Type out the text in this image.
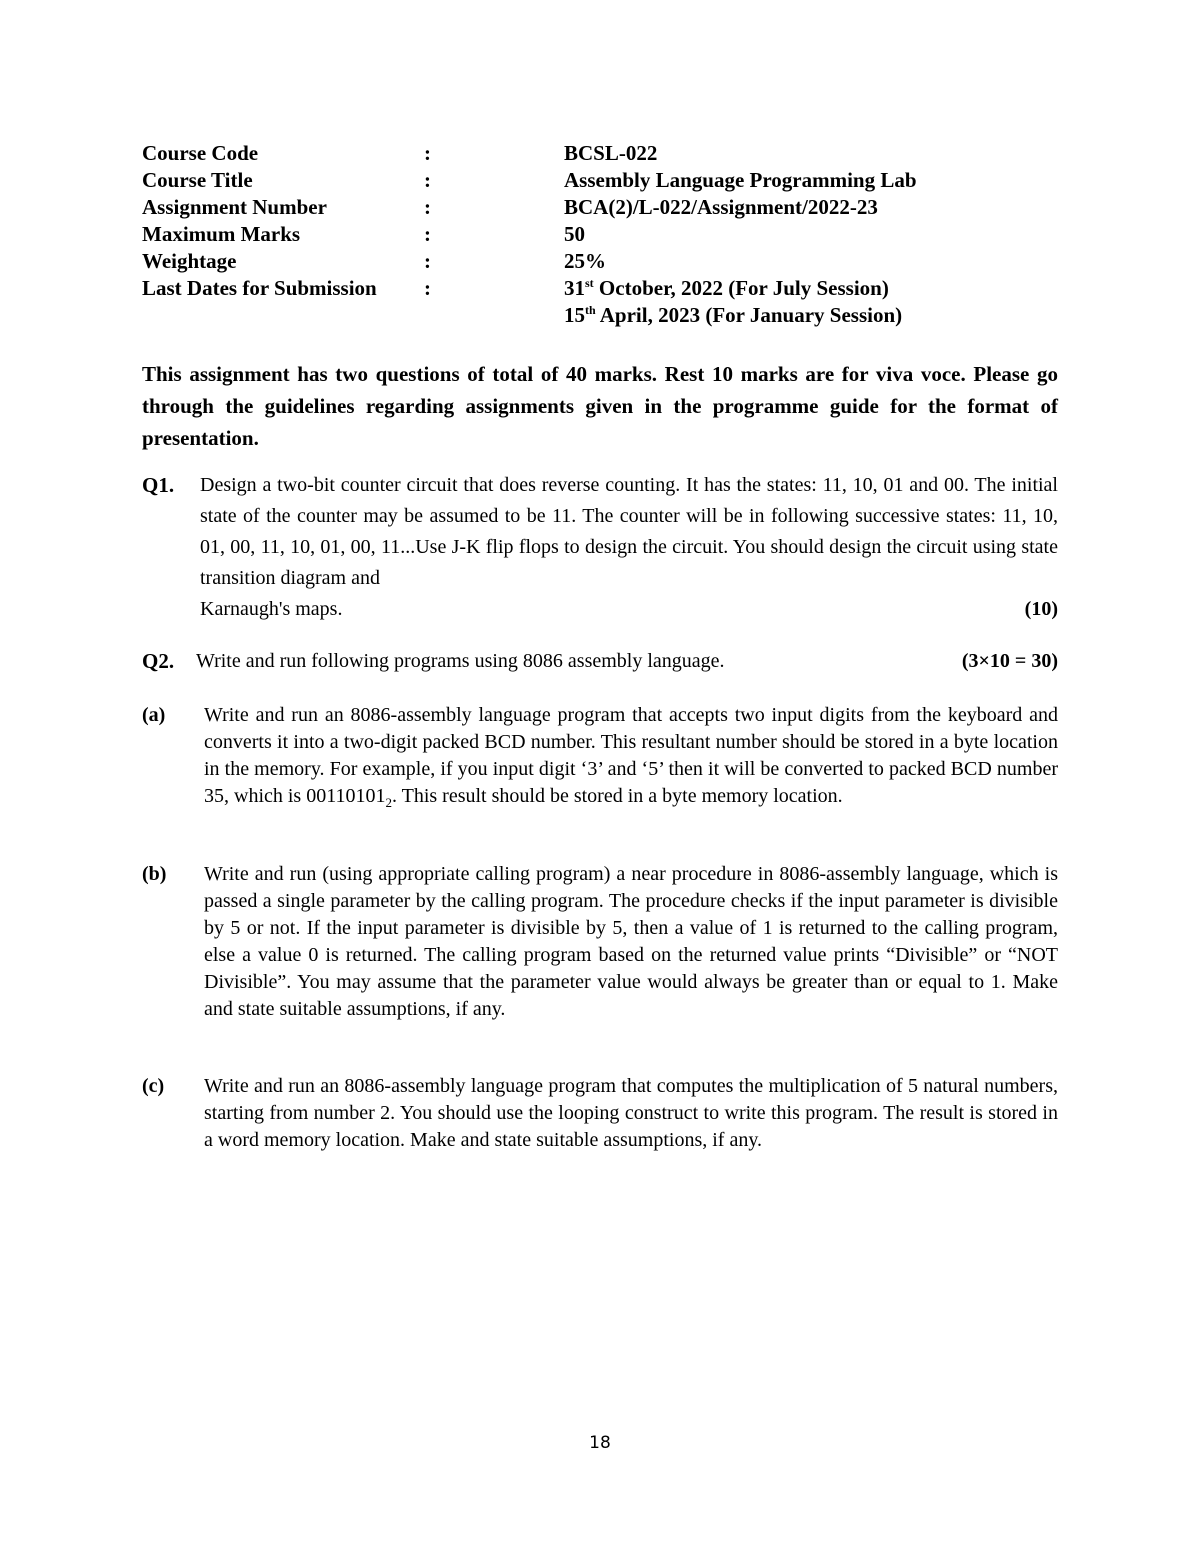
Course Code	:	BCSL-022
Course Title	:	Assembly Language Programming Lab
Assignment Number	:	BCA(2)/L-022/Assignment/2022-23
Maximum Marks	:	50
Weightage	:	25%
Last Dates for Submission :	31st October, 2022 (For July Session)
15th April, 2023 (For January Session)
This assignment has two questions of total of 40 marks. Rest 10 marks are for viva voce. Please go through the guidelines regarding assignments given in the programme guide for the format of presentation.
Q1. Design a two-bit counter circuit that does reverse counting. It has the states: 11, 10, 01 and 00. The initial state of the counter may be assumed to be 11. The counter will be in following successive states: 11, 10, 01, 00, 11, 10, 01, 00, 11...Use J-K flip flops to design the circuit. You should design the circuit using state transition diagram and
Karnaugh's maps.	(10)
Q2. Write and run following programs using 8086 assembly language.	(3×10 = 30)
(a) Write and run an 8086-assembly language program that accepts two input digits from the keyboard and converts it into a two-digit packed BCD number. This resultant number should be stored in a byte location in the memory. For example, if you input digit ‘3’ and ‘5’ then it will be converted to packed BCD number 35, which is $00110101_2$. This result should be stored in a byte memory location.
(b) Write and run (using appropriate calling program) a near procedure in 8086-assembly language, which is passed a single parameter by the calling program. The procedure checks if the input parameter is divisible by 5 or not. If the input parameter is divisible by 5, then a value of 1 is returned to the calling program, else a value 0 is returned. The calling program based on the returned value prints “Divisible” or “NOT Divisible”. You may assume that the parameter value would always be greater than or equal to 1. Make and state suitable assumptions, if any.
(c) Write and run an 8086-assembly language program that computes the multiplication of 5 natural numbers, starting from number 2. You should use the looping construct to write this program. The result is stored in a word memory location. Make and state suitable assumptions, if any.
18
